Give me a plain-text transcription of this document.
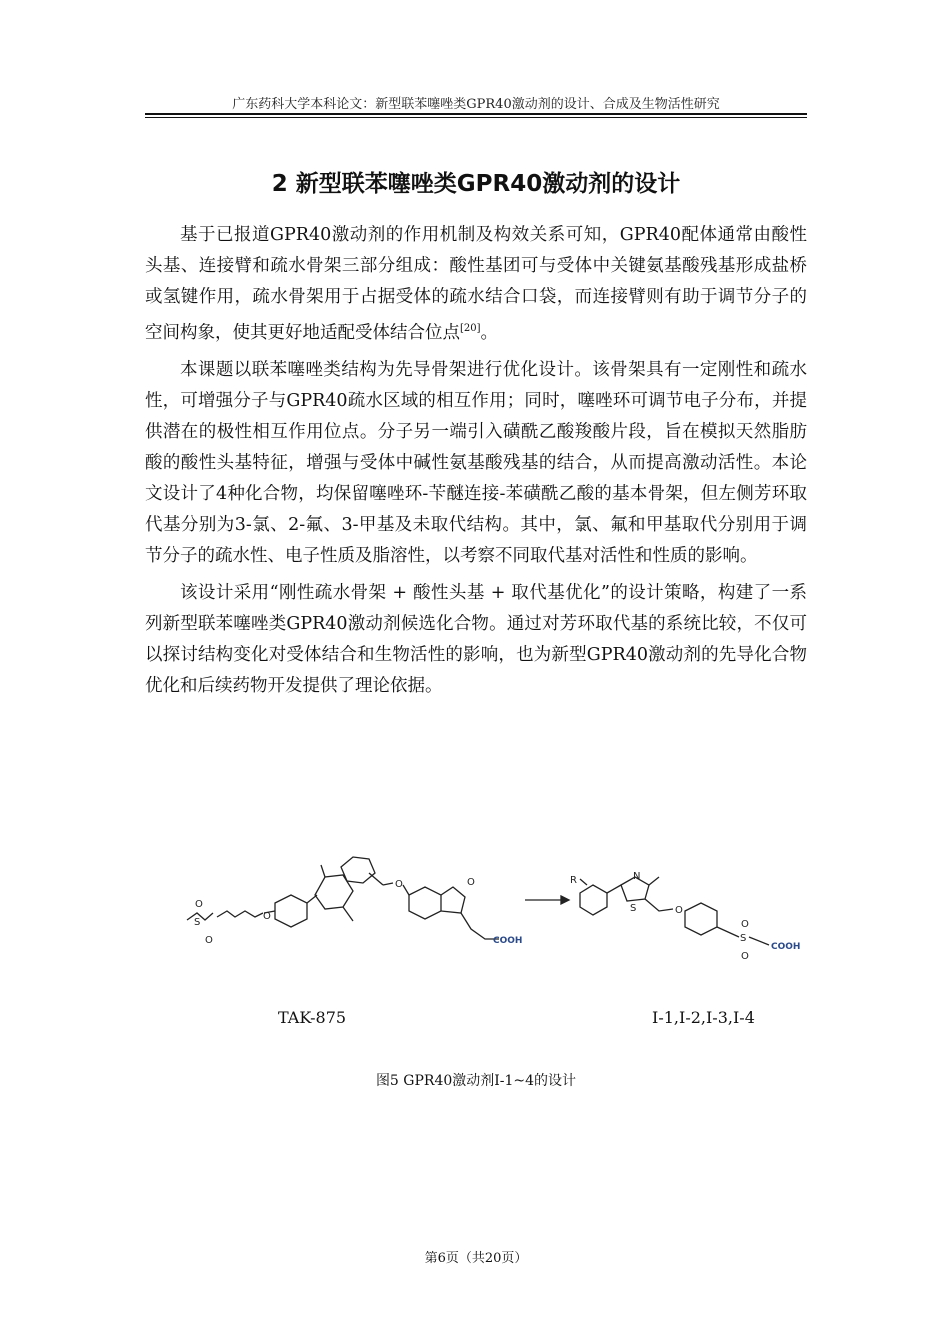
广东药科大学本科论文：新型联苯噻唑类GPR40激动剂的设计、合成及生物活性研究
2 新型联苯噻唑类GPR40激动剂的设计

基于已报道GPR40激动剂的作用机制及构效关系可知，GPR40配体通常由酸性头基、连接臂和疏水骨架三部分组成：酸性基团可与受体中关键氨基酸残基形成盐桥或氢键作用，疏水骨架用于占据受体的疏水结合口袋，而连接臂则有助于调节分子的空间构象，使其更好地适配受体结合位点[20]。

本课题以联苯噻唑类结构为先导骨架进行优化设计。该骨架具有一定刚性和疏水性，可增强分子与GPR40疏水区域的相互作用；同时，噻唑环可调节电子分布，并提供潜在的极性相互作用位点。分子另一端引入磺酰乙酸羧酸片段，旨在模拟天然脂肪酸的酸性头基特征，增强与受体中碱性氨基酸残基的结合，从而提高激动活性。本论文设计了4种化合物，均保留噻唑环-苄醚连接-苯磺酰乙酸的基本骨架，但左侧芳环取代基分别为3-氯、2-氟、3-甲基及未取代结构。其中，氯、氟和甲基取代分别用于调节分子的疏水性、电子性质及脂溶性，以考察不同取代基对活性和性质的影响。

该设计采用“刚性疏水骨架 + 酸性头基 + 取代基优化”的设计策略，构建了一系列新型联苯噻唑类GPR40激动剂候选化合物。通过对芳环取代基的系统比较，不仅可以探讨结构变化对受体结合和生物活性的影响，也为新型GPR40激动剂的先导化合物优化和后续药物开发提供了理论依据。

S
O
O
O
O	O
COOH
R	N
S	O
S
O
O
COOH
TAK-875	I-1,I-2,I-3,I-4
图5 GPR40激动剂I-1~4的设计
第6页（共20页）
